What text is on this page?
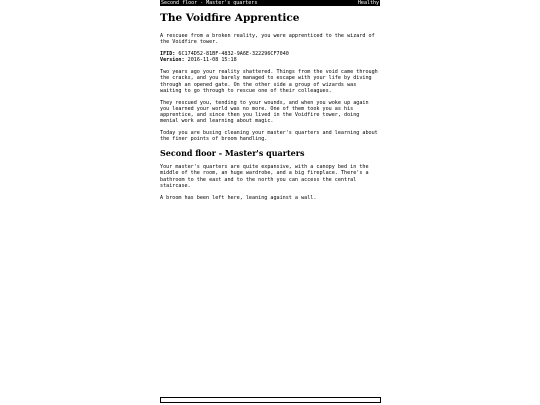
Second floor - Master's quarters	Healthy
The Voidfire Apprentice

A rescuee from a broken reality, you were apprenticed to the wizard of the Voidfire tower.

IFID: 6C174D52-81BF-4832-9A6E-322296CF7040
Version: 2016-11-08 15:18

Two years ago your reality shattered. Things from the void came through the cracks, and you barely managed to escape with your life by diving through an opened gate. On the other side a group of wizards was waiting to go through to rescue one of their colleagues.

They rescued you, tending to your wounds, and when you woke up again you learned your world was no more. One of them took you as his apprentice, and since then you lived in the Voidfire tower, doing menial work and learning about magic.

Today you are busing cleaning your master's quarters and learning about the finer points of broom handling.

Second floor - Master's quarters

Your master's quarters are quite expansive, with a canopy bed in the middle of the room, an huge wardrobe, and a big fireplace. There's a bathroom to the east and to the north you can access the central staircase.

A broom has been left here, leaning against a wall.
